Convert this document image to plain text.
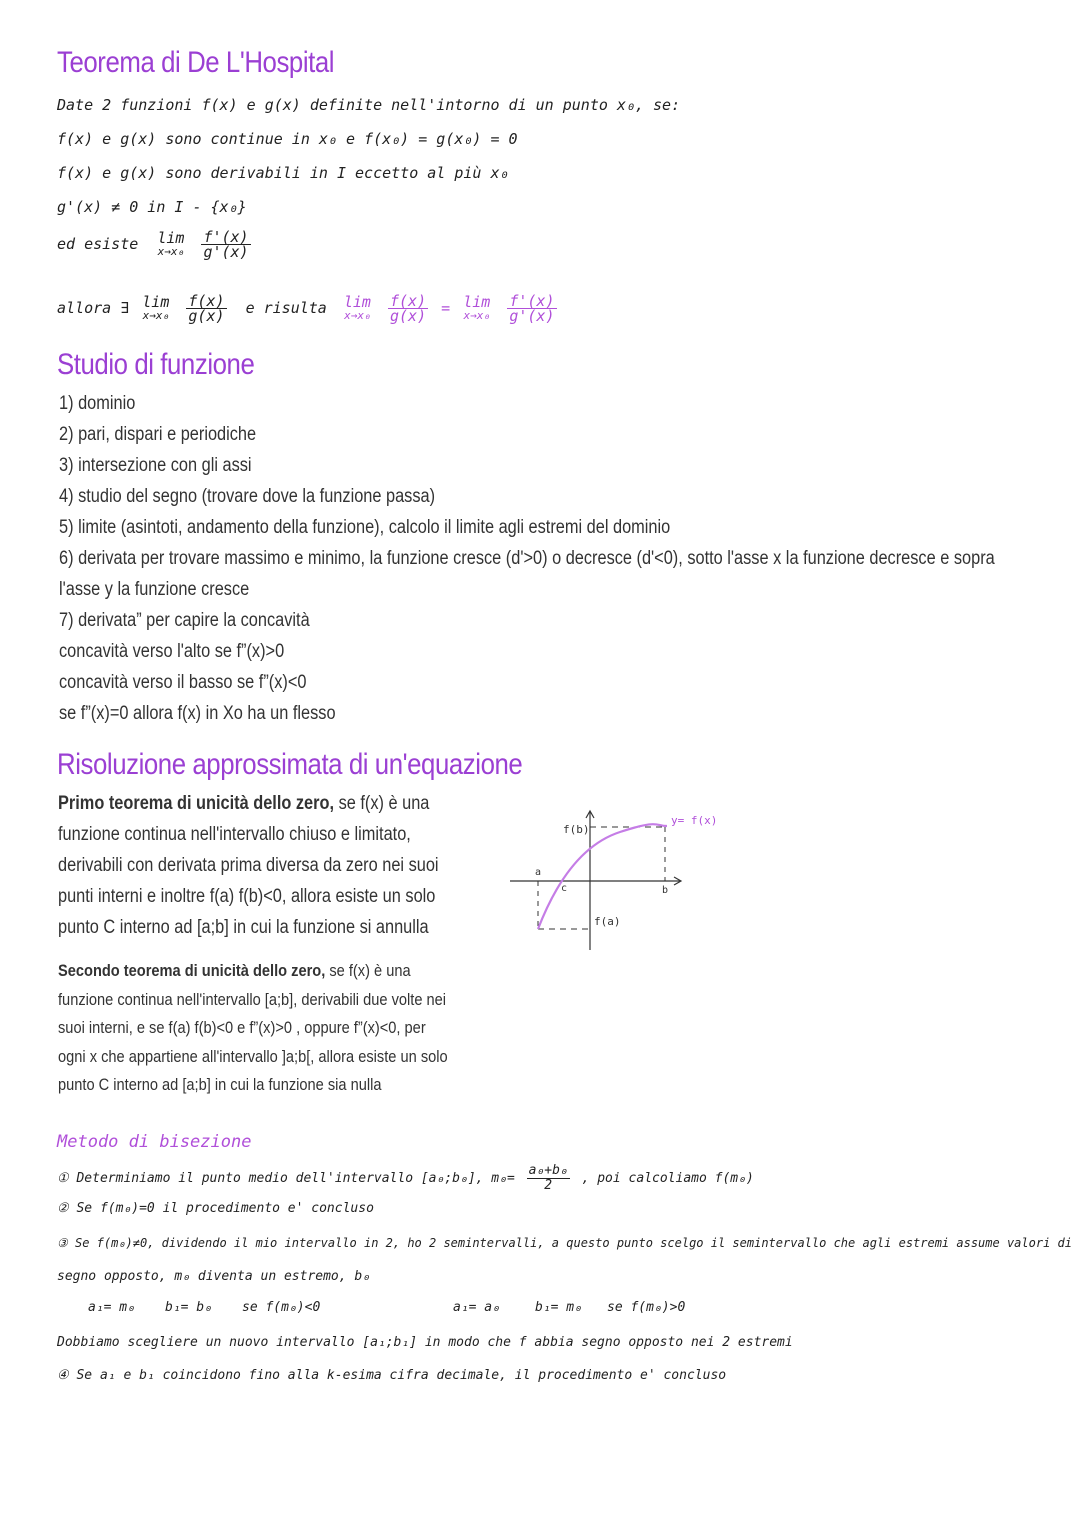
Teorema di De L'Hospital
Date 2 funzioni f(x) e g(x) definite nell'intorno di un punto x₀, se:
f(x) e g(x) sono continue in x₀ e f(x₀) = g(x₀) = 0
f(x) e g(x) sono derivabili in I eccetto al più x₀
g'(x) ≠ 0 in I - {x₀}
ed esiste lim
x→x₀
$\frac{f'(x)}{g'(x)}$
allora ∃ lim
x→x₀
$\frac{f(x)}{g(x)}$ e risulta lim
x→x₀
$\frac{f(x)}{g(x)} = \lim$
x→x₀
$\frac{f'(x)}{g'(x)}$
Studio di funzione
1) dominio
2) pari, dispari e periodiche
3) intersezione con gli assi
4) studio del segno (trovare dove la funzione passa)
5) limite (asintoti, andamento della funzione), calcolo il limite agli estremi del dominio
6) derivata per trovare massimo e minimo, la funzione cresce (d'>0) o decresce (d'<0), sotto l'asse x la funzione decresce e sopra
l'asse y la funzione cresce
7) derivata” per capire la concavità
concavità verso l'alto se f”(x)>0
concavità verso il basso se f”(x)<0
se f”(x)=0 allora f(x) in Xo ha un flesso
Risoluzione approssimata di un'equazione
Primo teorema di unicità dello zero, se f(x) è una
funzione continua nell'intervallo chiuso e limitato,
derivabili con derivata prima diversa da zero nei suoi
punti interni e inoltre f(a) f(b)<0, allora esiste un solo
punto C interno ad [a;b] in cui la funzione si annulla
Secondo teorema di unicità dello zero, se f(x) è una
funzione continua nell'intervallo [a;b], derivabili due volte nei
suoi interni, e se f(a) f(b)<0 e f”(x)>0 , oppure f”(x)<0, per
ogni x che appartiene all'intervallo ]a;b[, allora esiste un solo
punto C interno ad [a;b] in cui la funzione sia nulla
f(b)
f(a)
a
b
c
y= f(x)
Metodo di bisezione
① Determiniamo il punto medio dell'intervallo [a₀;b₀], $m_0= \frac{\text{a₀+b₀}}{2}$ , poi calcoliamo f(m₀)
② Se f(m₀)=0 il procedimento e' concluso
③ Se f(m₀)≠0, dividendo il mio intervallo in 2, ho 2 semintervalli, a questo punto scelgo il semintervallo che agli estremi assume valori di
segno opposto, m₀ diventa un estremo, b₀
a₁= m₀ b₁= b₀ se f(m₀)<0	a₁= a₀	b₁= m₀ se f(m₀)>0
Dobbiamo scegliere un nuovo intervallo [a₁;b₁] in modo che f abbia segno opposto nei 2 estremi
④ Se a₁ e b₁ coincidono fino alla k-esima cifra decimale, il procedimento e' concluso
